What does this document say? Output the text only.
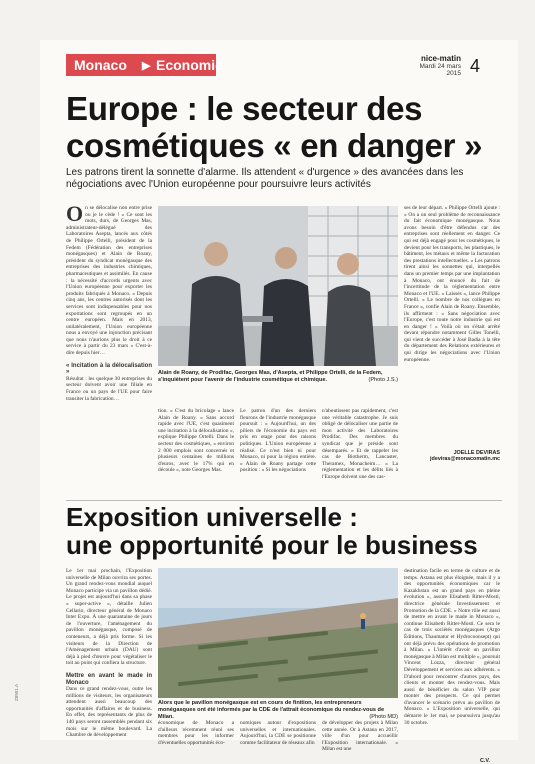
Monaco ▶ Economie	nice-matin
Mardi 24 mars 2015 4
Europe : le secteur des
cosmétiques « en danger »
Les patrons tirent la sonnette d'alarme. Ils attendent « d'urgence » des avancées dans les négociations avec l'Union européenne pour poursuivre leurs activités
O n se délocalise non entre prise ou je le cède ! » Ce sont les mots, durs, de Georges Mas, administrateur-délégué des Laboratoires Asepta, lancés aux côtés de Philippe Ortelli, président de la Fedem (Fédération des entreprises monégasques) et Alain de Roany, président du syndicat monégasque des entreprises des industries chimiques, pharmaceutiques et assimilés. En cause : la nécessité d'accords urgents avec l'Union européenne pour exporter les produits fabriqués à Monaco. « Depuis cinq ans, les centres autorisés dont les services sont indispensables pour nos exportations sont regroupés en un centre européen. Mais en 2013, unilatéralement, l'Union européenne nous a envoyé une injonction précisant que nous n'aurions plus le droit à ce service à partir du 23 mars » C'est-à-dire depuis hier…
« Incitation à la délocalisation »
Résultat : les quelque 30 entreprises du secteur doivent avoir une filiale en France ou un pays de l'UE pour faire transiter la fabrication…
Alain de Roany, de Prodifac, Georges Mas, d'Asepta, et Philippe Ortelli, de la Fedem, s'inquiètent pour l'avenir de l'industrie cosmétique et chimique.	(Photo J.S.)
tion. « C'est du bricolage » lance Alain de Roany. « Sans accord rapide avec l'UE, c'est quasiment une incitation à la délocalisation », explique Philippe Ortelli. Dans le secteur des cosmétiques, « environ 2 000 emplois sont concernés et plusieurs centaines de millions d'euros, avec le 17% qui en découle », note Georges Mas.
Le patron d'un des derniers fleurons de l'industrie monégasque poursuit : « Aujourd'hui, un des piliers de l'économie du pays est pris en otage pour des raisons politiques. L'Union européenne a réalisé. Ce n'est bien ni pour Monaco, ni pour la région entière. » Alain de Roany partage cette position : « Si les négociations
n'aboutissent pas rapidement, c'est une véritable catastrophe. Je suis obligé de délocaliser une partie de mon activité des Laboratoires Prodifac. Des membres du syndicat que je préside sont désemparés. » Et de rappeler les cas de Biotherm, Lancaster, Theramex, Monacheim… « La réglementation et les délits liés à l'Europe doivent une des cas-
ses de leur départ. » Philippe Ortelli ajoute : « On a un seul problème de reconnaissance du fait économique monégasque. Nous avons besoin d'être défendus car des entreprises sont réellement en danger. Ce qui est déjà engagé pour les cosmétiques, le devient pour les transports, les plastiques, le bâtiment, les métaux et même la facturation des prestations intellectuelles. » Les patrons tirent ainsi les sonnettes qui, interpellés dans un premier temps par une implantation à Monaco, ont énoncé du fait de l'incertitude de la réglementation entre Monaco et l'UE. « Laissés », lance Philippe Ortelli. « Le nombre de nos collègues en France », confie Alain de Roany. Ensemble, ils affirment : « Sans négociation avec l'Europe, c'est toute notre industrie qui est en danger ! » Voilà où on s'était arrêté devant répondre notamment Gilles Tonelli, qui vient de succéder à José Badia à la tête du département des Relations extérieures et qui dirige les négociations avec l'Union européenne.
JOELLE DEVIRAS
jdeviras@monacomatin.mc
Exposition universelle :
une opportunité pour le business
Le 1er mai prochain, l'Exposition universelle de Milan ouvrira ses portes. Un grand rendez-vous mondial auquel Monaco participe via un pavillon dédié. Le projet est aujourd'hui dans sa phase « super-active », détaille Julien Cellario, directeur général de Monaco Inter Expo. À une quarantaine de jours de l'ouverture, l'aménagement du pavillon monégasque, composé de conteneurs, a déjà pris forme. Si les visiteurs de la Direction de l'Aménagement urbain (DAU) sont déjà à pied d'œuvre pour végétaliser le toit au point qui confiera la structure.
Mettre en avant le made in Monaco
Dans ce grand rendez-vous, outre les millions de visiteurs, les organisateurs attendent aussi beaucoup des opportunités d'affaires et de business. En effet, des représentants de plus de 140 pays seront rassemblés pendant six mois sur le même boulevard. La Chambre de développement
Alors que le pavillon monégasque est en cours de finition, les entrepreneurs monégasques ont été informés par la CDE de l'attrait économique du rendez-vous de Milan.	(Photo MD)
économique de Monaco a d'ailleurs récemment réuni ses membres pour les informer d'éventuelles opportunités éco-
nomiques autour d'expositions universelles et internationales. Aujourd'hui, la CDE se positionne comme facilitateur de réseaux afin
de développer des projets à Milan cette année. Or à Astana en 2017, ville d'un pour accueillir l'Exposition internationale. « Milan est une
destination facile en terme de culture et de temps. Astana est plus éloignée, mais il y a des opportunités économiques car le Kazakhstan est un grand pays en pleine évolution », assure Elisabeth Ritter-Mosti, directrice générale Investissement et Promotion de la CDE. « Notre rôle est aussi de mettre en avant le made in Monaco », continue Elisabeth Ritter-Mosti. Ce sera le cas de trois sociétés monégasques (Argo Éditions, Thaumatur et Hydrocoonsept) qui ont déjà prévu des opérations de promotion à Milan. « L'intérêt d'avoir un pavillon monégasque à Milan est multiple », poursuit Vincent Lozza, directeur général Développement et services aux adhérents. « D'abord pour rencontrer d'autres pays, des clients et monter des rendez-vous. Mais aussi de bénéficier du salon VIP pour monter des prospects. Ce qui permet d'avancer le scénario prévu au pavillon de Monaco. » L'Exposition universelle, qui démarre le 1er mai, se poursuivra jusqu'au 30 octobre.
C.V.
Z8901.A
